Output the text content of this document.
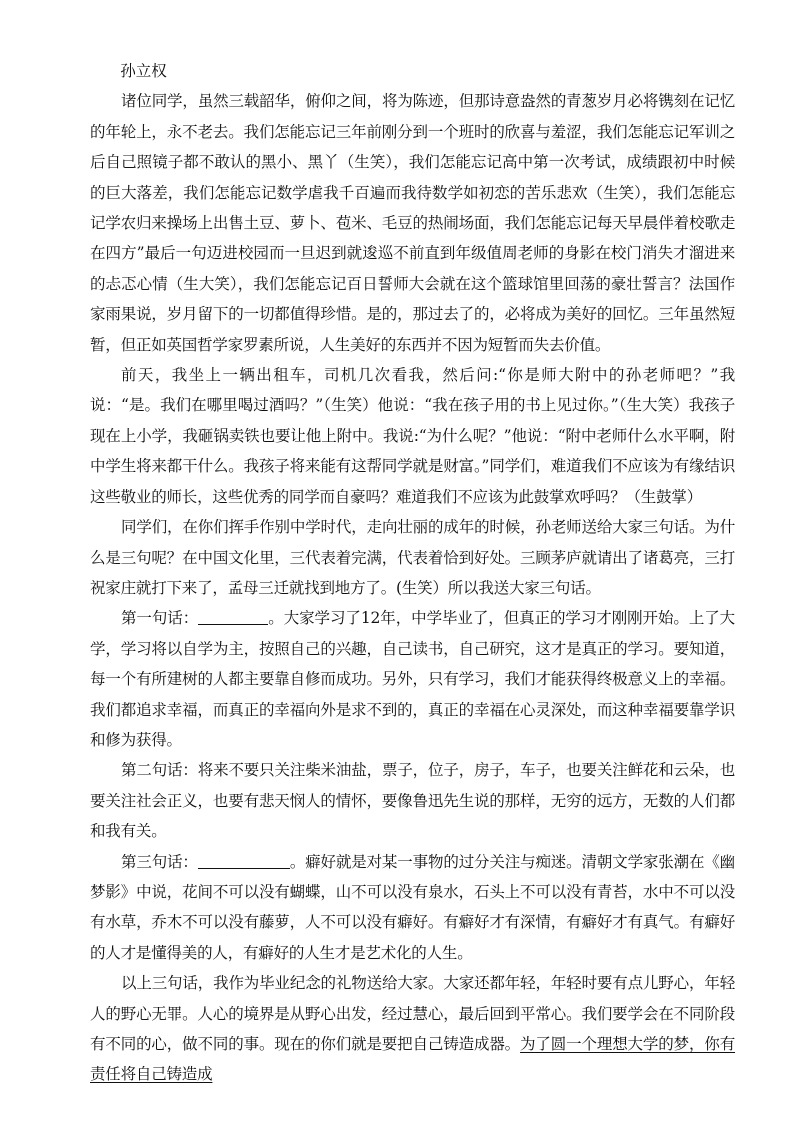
孙立权

诸位同学，虽然三载韶华，俯仰之间，将为陈迹，但那诗意盎然的青葱岁月必将镌刻在记忆的年轮上，永不老去。我们怎能忘记三年前刚分到一个班时的欣喜与羞涩，我们怎能忘记军训之后自己照镜子都不敢认的黑小、黑丫（生笑），我们怎能忘记高中第一次考试，成绩跟初中时候的巨大落差，我们怎能忘记数学虐我千百遍而我待数学如初恋的苦乐悲欢（生笑），我们怎能忘记学农归来操场上出售土豆、萝卜、苞米、毛豆的热闹场面，我们怎能忘记每天早晨伴着校歌走在四方”最后一句迈进校园而一旦迟到就逡巡不前直到年级值周老师的身影在校门消失才溜进来的忐忑心情（生大笑），我们怎能忘记百日誓师大会就在这个篮球馆里回荡的豪壮誓言？法国作家雨果说，岁月留下的一切都值得珍惜。是的，那过去了的，必将成为美好的回忆。三年虽然短暂，但正如英国哲学家罗素所说，人生美好的东西并不因为短暂而失去价值。

前天，我坐上一辆出租车，司机几次看我，然后问:“你是师大附中的孙老师吧？”我说：“是。我们在哪里喝过酒吗？”（生笑）他说：“我在孩子用的书上见过你。”（生大笑）我孩子现在上小学，我砸锅卖铁也要让他上附中。我说:“为什么呢？”他说：“附中老师什么水平啊，附中学生将来都干什么。我孩子将来能有这帮同学就是财富。”同学们，难道我们不应该为有缘结识这些敬业的师长，这些优秀的同学而自豪吗？难道我们不应该为此鼓掌欢呼吗？（生鼓掌）

同学们，在你们挥手作别中学时代，走向壮丽的成年的时候，孙老师送给大家三句话。为什么是三句呢？在中国文化里，三代表着完满，代表着恰到好处。三顾茅庐就请出了诸葛亮，三打祝家庄就打下来了，孟母三迁就找到地方了。(生笑）所以我送大家三句话。

第一句话：	。大家学习了12年，中学毕业了，但真正的学习才刚刚开始。上了大学，学习将以自学为主，按照自己的兴趣，自己读书，自己研究，这才是真正的学习。要知道，每一个有所建树的人都主要靠自修而成功。另外，只有学习，我们才能获得终极意义上的幸福。我们都追求幸福，而真正的幸福向外是求不到的，真正的幸福在心灵深处，而这种幸福要靠学识和修为获得。

第二句话：将来不要只关注柴米油盐，票子，位子，房子，车子，也要关注鲜花和云朵，也要关注社会正义，也要有悲天悯人的情怀，要像鲁迅先生说的那样，无穷的远方，无数的人们都和我有关。

第三句话：	。癖好就是对某一事物的过分关注与痴迷。清朝文学家张潮在《幽梦影》中说，花间不可以没有蝴蝶，山不可以没有泉水，石头上不可以没有青苔，水中不可以没有水草，乔木不可以没有藤萝，人不可以没有癖好。有癖好才有深情，有癖好才有真气。有癖好的人才是懂得美的人，有癖好的人生才是艺术化的人生。

以上三句话，我作为毕业纪念的礼物送给大家。大家还都年轻，年轻时要有点儿野心，年轻人的野心无罪。人心的境界是从野心出发，经过慧心，最后回到平常心。我们要学会在不同阶段有不同的心，做不同的事。现在的你们就是要把自己铸造成器。为了圆一个理想大学的梦，你有责任将自己铸造成
